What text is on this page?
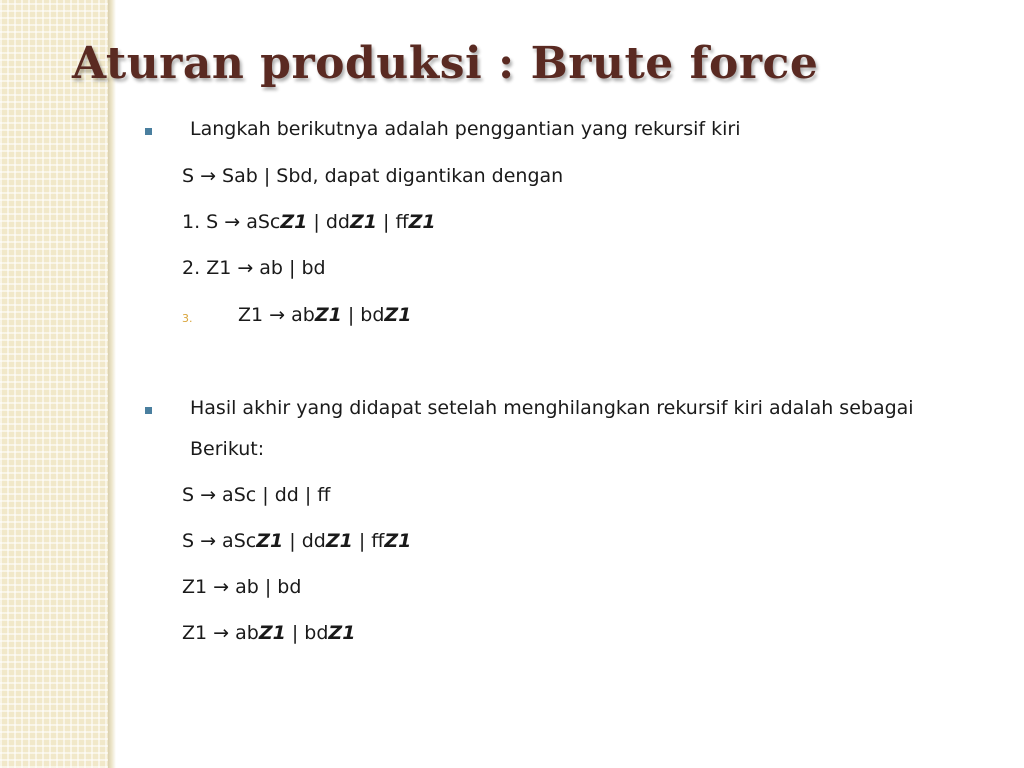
Aturan produksi : Brute force

Langkah berikutnya adalah penggantian yang rekursif kiri

S → Sab | Sbd, dapat digantikan dengan

1. S → aScZ1 | ddZ1 | ffZ1

2. Z1 → ab | bd

3. Z1 → abZ1 | bdZ1

Hasil akhir yang didapat setelah menghilangkan rekursif kiri adalah sebagai

Berikut:

S → aSc | dd | ff

S → aScZ1 | ddZ1 | ffZ1

Z1 → ab | bd

Z1 → abZ1 | bdZ1
